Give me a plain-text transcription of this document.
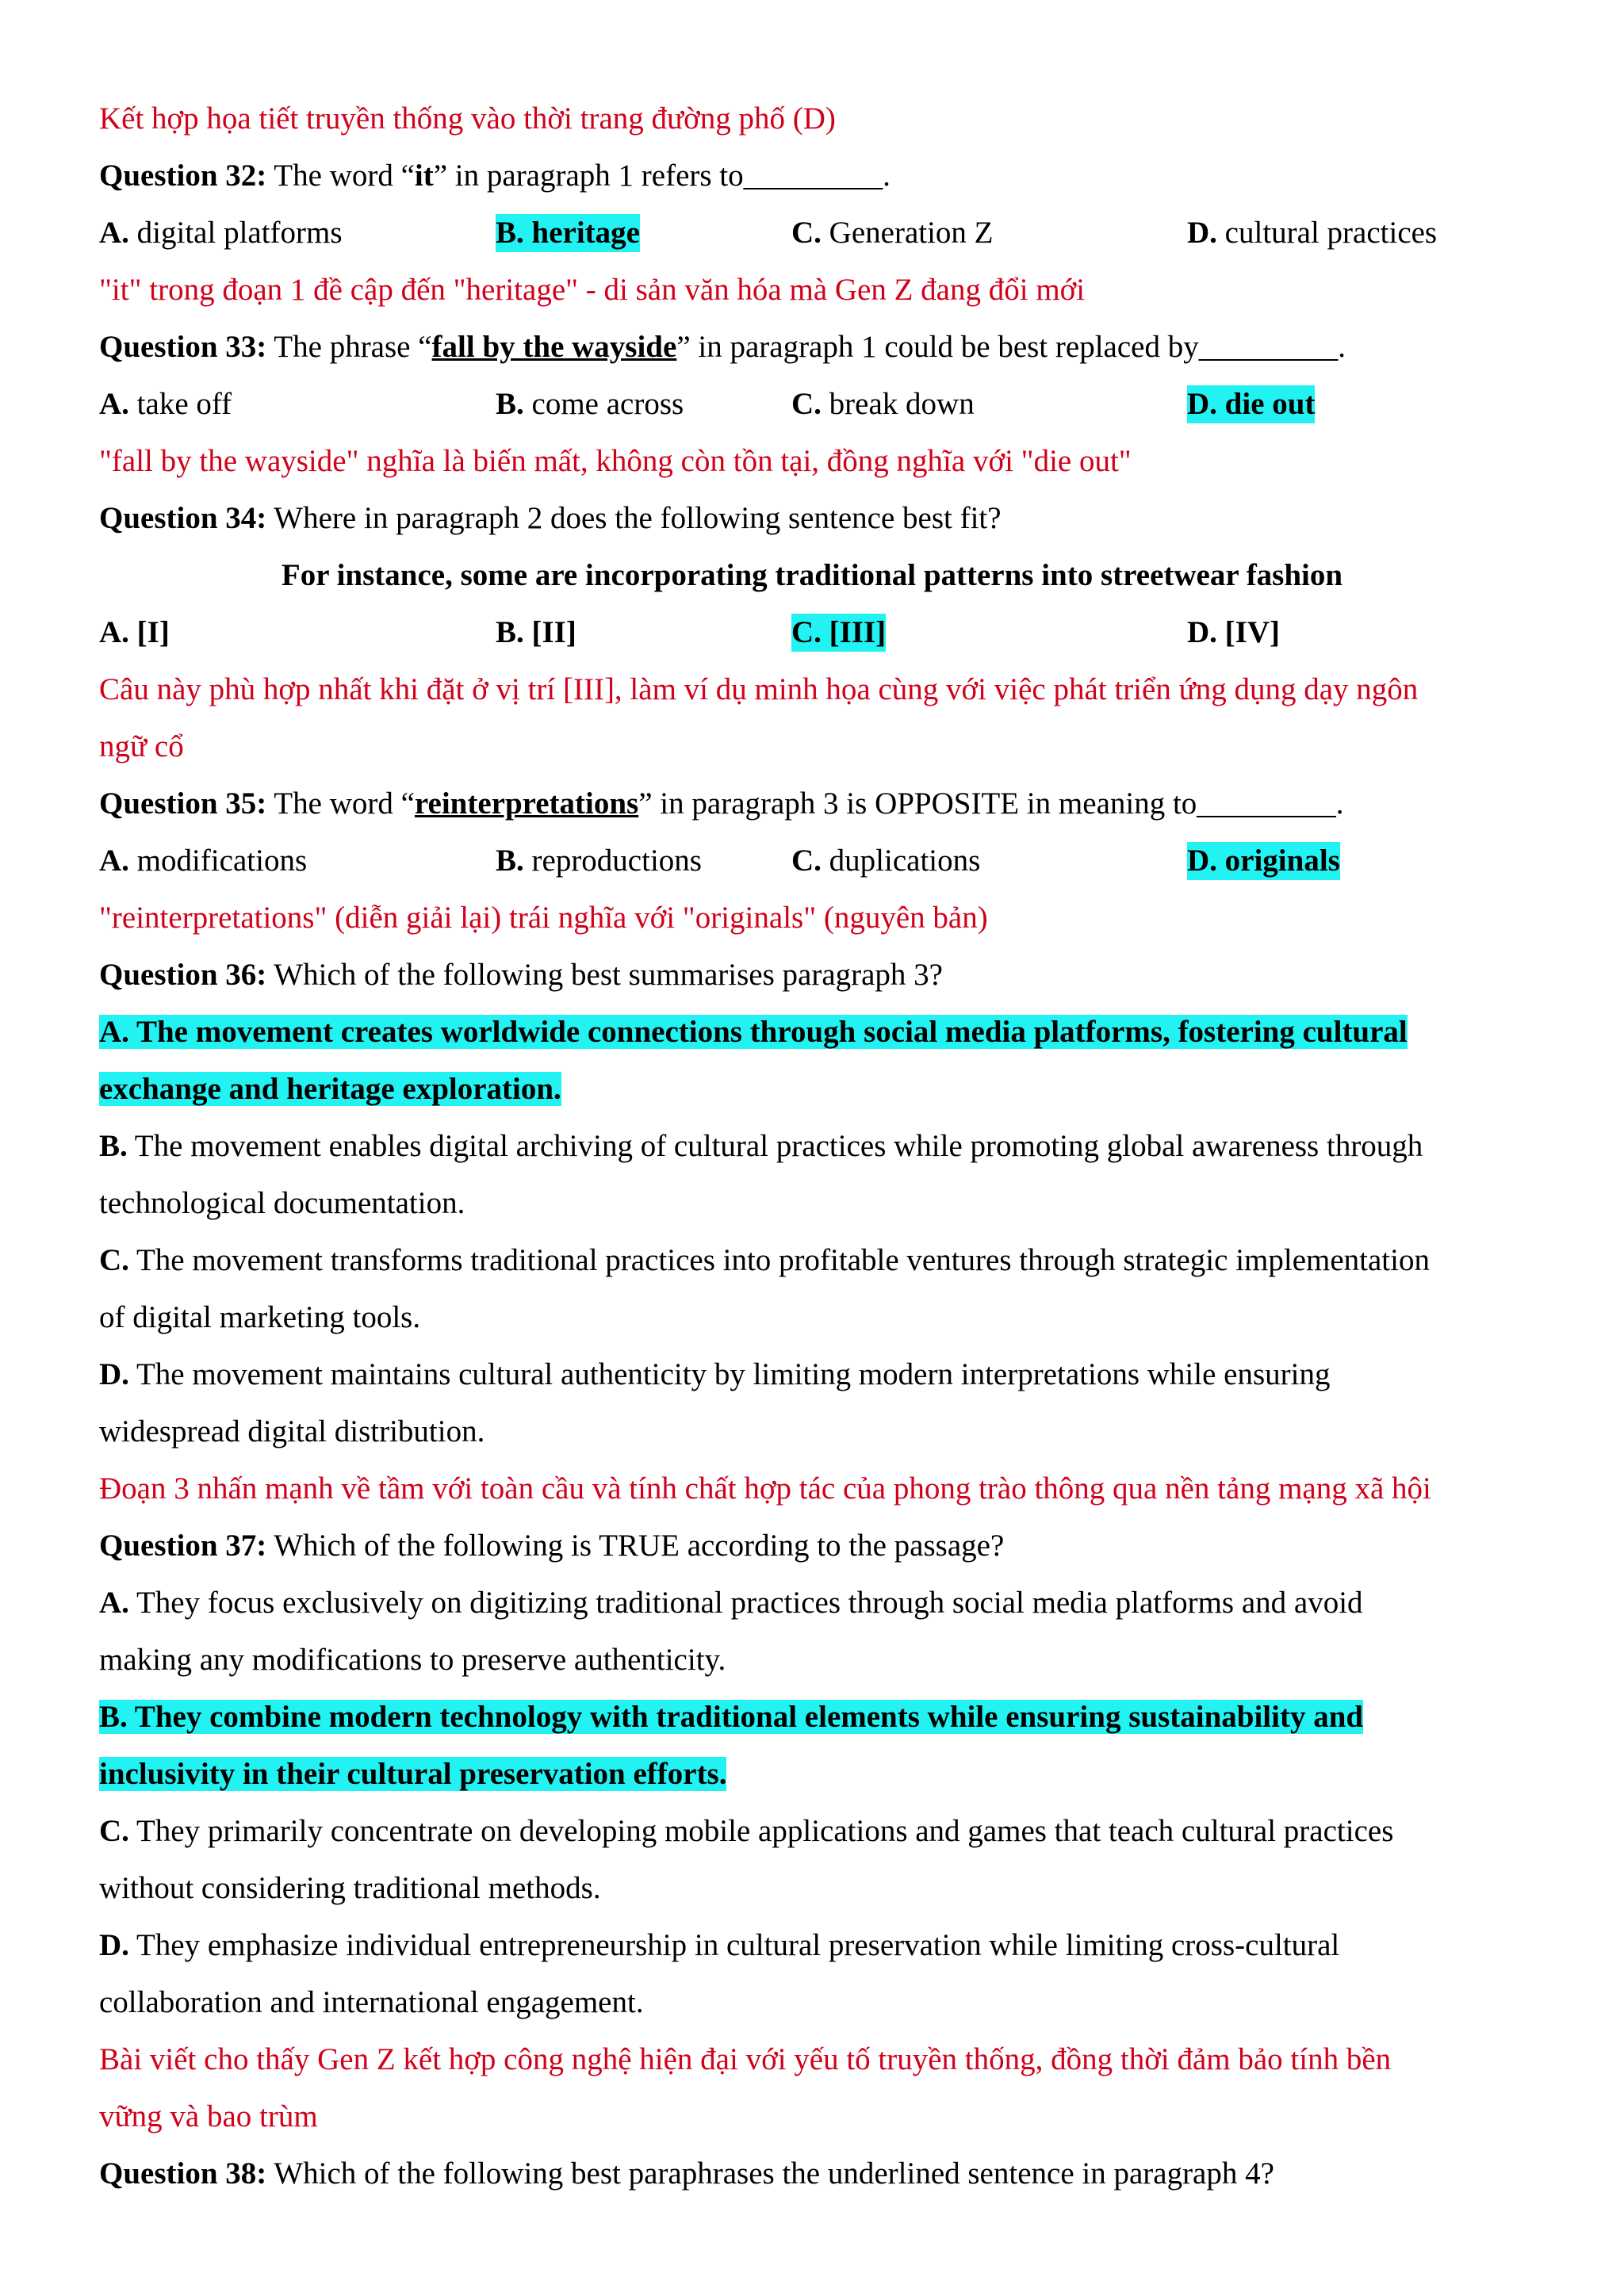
Kết hợp họa tiết truyền thống vào thời trang đường phố (D)
Question 32: The word “it” in paragraph 1 refers to_________.
A. digital platforms	B. heritage	C. Generation Z	D. cultural practices
"it" trong đoạn 1 đề cập đến "heritage" - di sản văn hóa mà Gen Z đang đổi mới
Question 33: The phrase “fall by the wayside” in paragraph 1 could be best replaced by_________.
A. take off	B. come across	C. break down	D. die out
"fall by the wayside" nghĩa là biến mất, không còn tồn tại, đồng nghĩa với "die out"
Question 34: Where in paragraph 2 does the following sentence best fit?
For instance, some are incorporating traditional patterns into streetwear fashion
A. [I]	B. [II]	C. [III]	D. [IV]
Câu này phù hợp nhất khi đặt ở vị trí [III], làm ví dụ minh họa cùng với việc phát triển ứng dụng dạy ngôn
ngữ cổ
Question 35: The word “reinterpretations” in paragraph 3 is OPPOSITE in meaning to_________.
A. modifications	B. reproductions	C. duplications	D. originals
"reinterpretations" (diễn giải lại) trái nghĩa với "originals" (nguyên bản)
Question 36: Which of the following best summarises paragraph 3?
A. The movement creates worldwide connections through social media platforms, fostering cultural
exchange and heritage exploration.
B. The movement enables digital archiving of cultural practices while promoting global awareness through
technological documentation.
C. The movement transforms traditional practices into profitable ventures through strategic implementation
of digital marketing tools.
D. The movement maintains cultural authenticity by limiting modern interpretations while ensuring
widespread digital distribution.
Đoạn 3 nhấn mạnh về tầm với toàn cầu và tính chất hợp tác của phong trào thông qua nền tảng mạng xã hội
Question 37: Which of the following is TRUE according to the passage?
A. They focus exclusively on digitizing traditional practices through social media platforms and avoid
making any modifications to preserve authenticity.
B. They combine modern technology with traditional elements while ensuring sustainability and
inclusivity in their cultural preservation efforts.
C. They primarily concentrate on developing mobile applications and games that teach cultural practices
without considering traditional methods.
D. They emphasize individual entrepreneurship in cultural preservation while limiting cross-cultural
collaboration and international engagement.
Bài viết cho thấy Gen Z kết hợp công nghệ hiện đại với yếu tố truyền thống, đồng thời đảm bảo tính bền
vững và bao trùm
Question 38: Which of the following best paraphrases the underlined sentence in paragraph 4?
